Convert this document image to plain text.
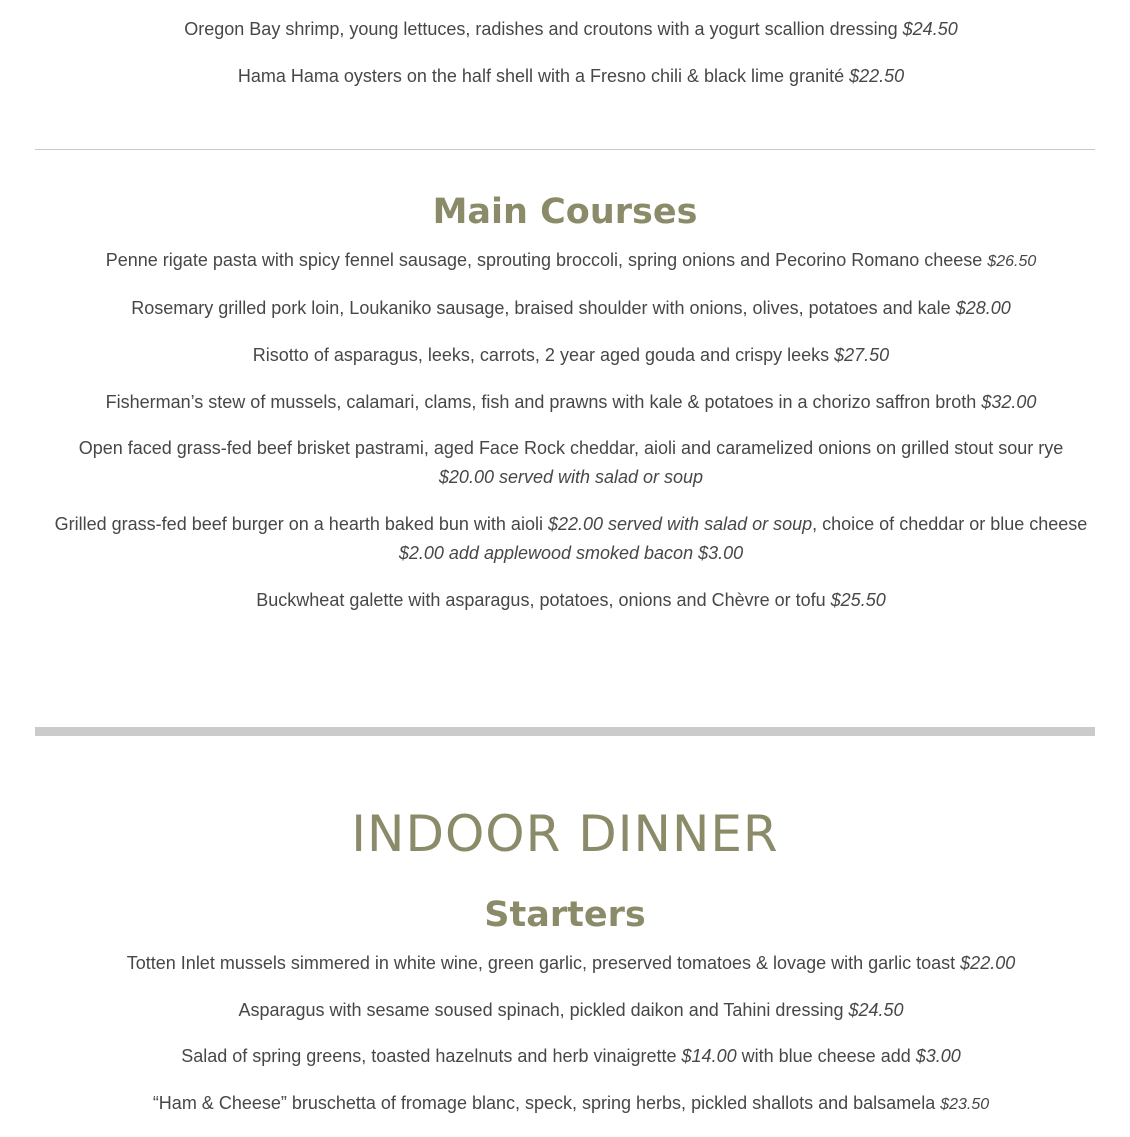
Oregon Bay shrimp, young lettuces, radishes and croutons with a yogurt scallion dressing $24.50

Hama Hama oysters on the half shell with a Fresno chili & black lime granité $22.50

Main Courses

Penne rigate pasta with spicy fennel sausage, sprouting broccoli, spring onions and Pecorino Romano cheese $26.50

Rosemary grilled pork loin, Loukaniko sausage, braised shoulder with onions, olives, potatoes and kale $28.00

Risotto of asparagus, leeks, carrots, 2 year aged gouda and crispy leeks $27.50

Fisherman’s stew of mussels, calamari, clams, fish and prawns with kale & potatoes in a chorizo saffron broth $32.00

Open faced grass-fed beef brisket pastrami, aged Face Rock cheddar, aioli and caramelized onions on grilled stout sour rye
$20.00 served with salad or soup

Grilled grass-fed beef burger on a hearth baked bun with aioli $22.00 served with salad or soup, choice of cheddar or blue cheese $2.00 add applewood smoked bacon $3.00

Buckwheat galette with asparagus, potatoes, onions and Chèvre or tofu $25.50

INDOOR DINNER
Starters

Totten Inlet mussels simmered in white wine, green garlic, preserved tomatoes & lovage with garlic toast $22.00

Asparagus with sesame soused spinach, pickled daikon and Tahini dressing $24.50

Salad of spring greens, toasted hazelnuts and herb vinaigrette $14.00 with blue cheese add $3.00

“Ham & Cheese” bruschetta of fromage blanc, speck, spring herbs, pickled shallots and balsamela $23.50
